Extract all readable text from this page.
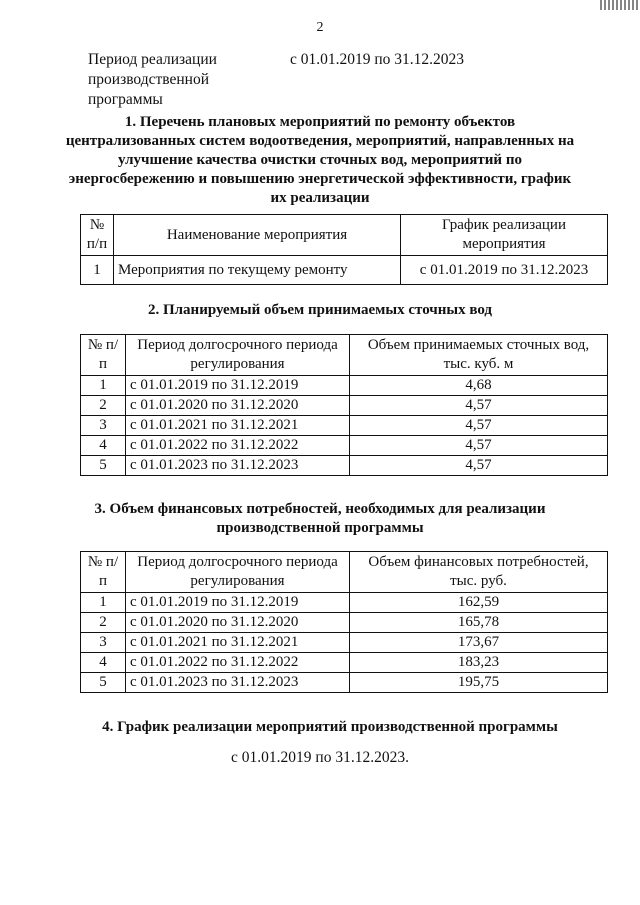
2
Период реализации производственной программы
с 01.01.2019 по 31.12.2023
1. Перечень плановых мероприятий по ремонту объектов централизованных систем водоотведения, мероприятий, направленных на улучшение качества очистки сточных вод, мероприятий по энергосбережению и повышению энергетической эффективности, график их реализации
№ п/п	Наименование мероприятия	График реализации мероприятия
1	Мероприятия по текущему ремонту	с 01.01.2019 по 31.12.2023
2. Планируемый объем принимаемых сточных вод
№ п/п	Период долгосрочного периода регулирования	Объем принимаемых сточных вод, тыс. куб. м
1	с 01.01.2019 по 31.12.2019	4,68
2	с 01.01.2020 по 31.12.2020	4,57
3	с 01.01.2021 по 31.12.2021	4,57
4	с 01.01.2022 по 31.12.2022	4,57
5	с 01.01.2023 по 31.12.2023	4,57
3. Объем финансовых потребностей, необходимых для реализации производственной программы
№ п/п	Период долгосрочного периода регулирования	Объем финансовых потребностей, тыс. руб.
1	с 01.01.2019 по 31.12.2019	162,59
2	с 01.01.2020 по 31.12.2020	165,78
3	с 01.01.2021 по 31.12.2021	173,67
4	с 01.01.2022 по 31.12.2022	183,23
5	с 01.01.2023 по 31.12.2023	195,75
4. График реализации мероприятий производственной программы
с 01.01.2019 по 31.12.2023.
